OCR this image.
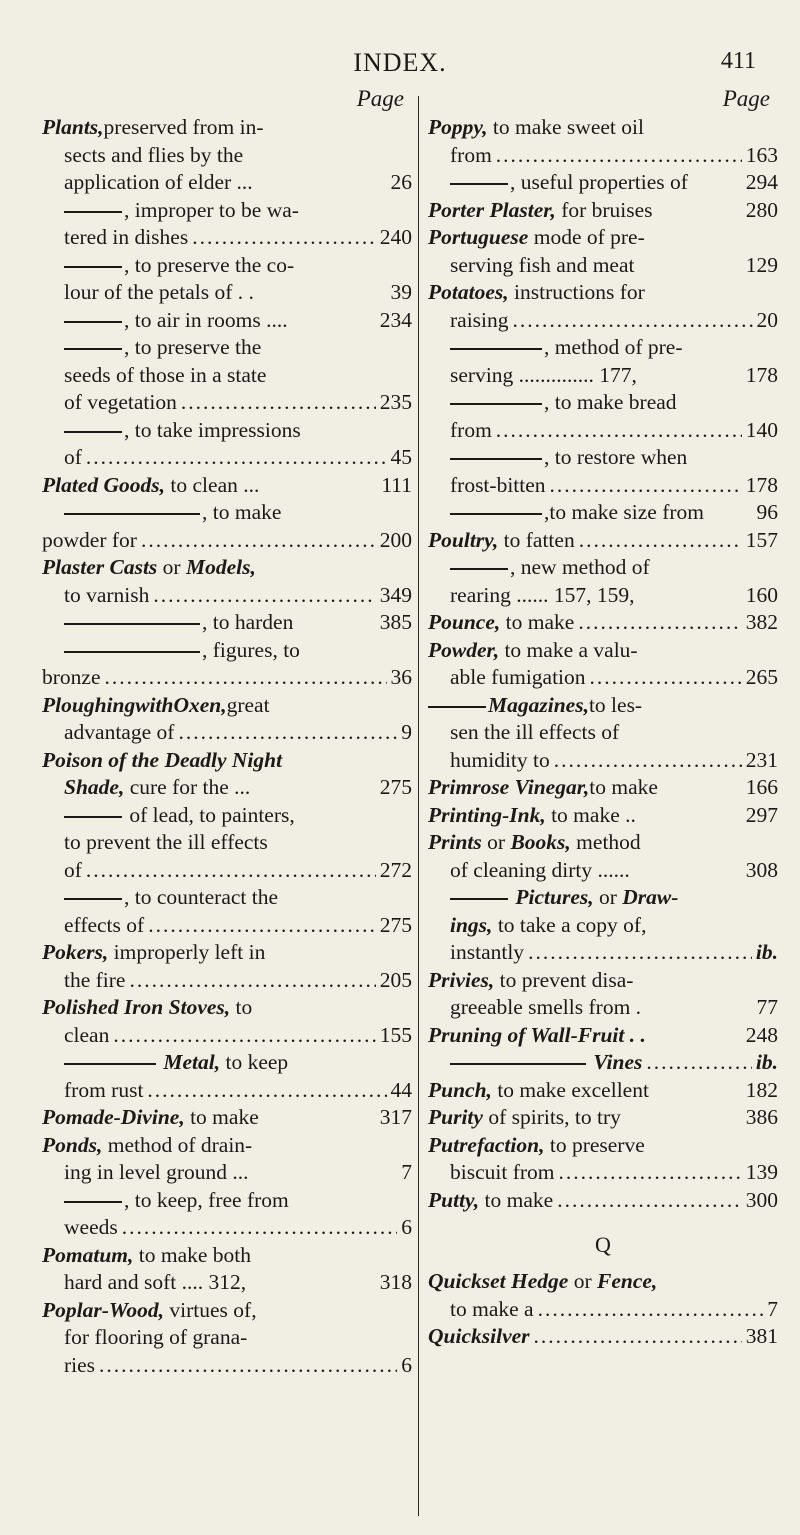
INDEX.	411
Page
Plants,preserved from in-
sects and flies by the
application of elder ...	26
, improper to be wa-
tered in dishes .....	240
, to preserve the co-
lour of the petals of . .	39
, to air in rooms ....	234
, to preserve the
seeds of those in a state
of vegetation .....	235
, to take impressions
of .....	45
Plated Goods, to clean ...	111
, to make
powder for .....	200
Plaster Casts or Models,
to varnish .....	349
, to harden	385
, figures, to
bronze .....	36
PloughingwithOxen,great
advantage of .....	9
Poison of the Deadly Night
Shade, cure for the ...	275
of lead, to painters,
to prevent the ill effects
of .....	272
, to counteract the
effects of .....	275
Pokers, improperly left in
the fire .....	205
Polished Iron Stoves, to
clean .....	155
Metal, to keep
from rust .....	44
Pomade-Divine, to make	317
Ponds, method of drain-
ing in level ground ...	7
, to keep, free from
weeds .....	6
Pomatum, to make both
hard and soft .... 312,	318
Poplar-Wood, virtues of,
for flooring of grana-
ries .....	6
Page
Poppy, to make sweet oil
from .....	163
, useful properties of	294
Porter Plaster, for bruises	280
Portuguese mode of pre-
serving fish and meat	129
Potatoes, instructions for
raising .....	20
, method of pre-
serving .............. 177,	178
, to make bread
from .....	140
, to restore when
frost-bitten .....	178
,to make size from 96
Poultry, to fatten .....	157
, new method of
rearing ...... 157, 159,	160
Pounce, to make .....	382
Powder, to make a valu-
able fumigation .....	265
Magazines,to les-
sen the ill effects of
humidity to .....	231
Primrose Vinegar,to make	166
Printing-Ink, to make ..	297
Prints or Books, method
of cleaning dirty ......	308
Pictures, or Draw-
ings, to take a copy of,
instantly .....	ib.
Privies, to prevent disa-
greeable smells from .	77
Pruning of Wall-Fruit . .	248
Vines .....	ib.
Punch, to make excellent	182
Purity of spirits, to try	386
Putrefaction, to preserve
biscuit from .....	139
Putty, to make .....	300
Q
Quickset Hedge or Fence,
to make a .....	7
Quicksilver .....	381
